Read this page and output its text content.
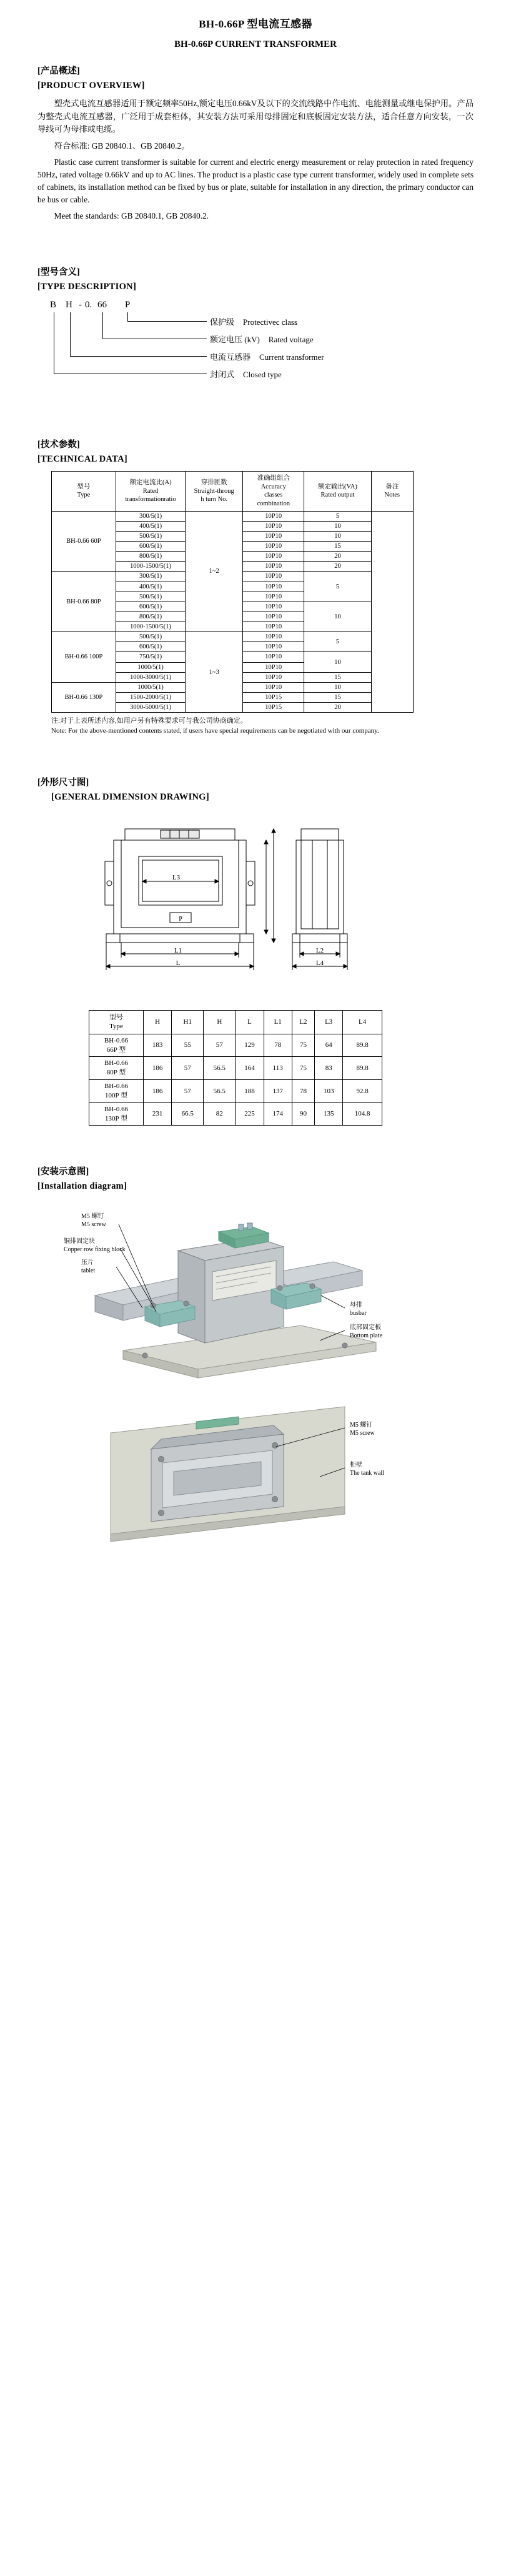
BH-0.66P 型电流互感器
BH-0.66P CURRENT TRANSFORMER
[产品概述]
[PRODUCT OVERVIEW]

塑壳式电流互感器适用于额定频率50Hz,额定电压0.66kV及以下的交流线路中作电流、电能测量或继电保护用。产品为整壳式电流互感器，广泛用于成套柜体，其安装方法可采用母排固定和底板固定安装方法，适合任意方向安装，一次导线可为母排或电缆。

符合标准: GB 20840.1、GB 20840.2。

Plastic case current transformer is suitable for current and electric energy measurement or relay protection in rated frequency 50Hz, rated voltage 0.66kV and up to AC lines. The product is a plastic case type current transformer, widely used in complete sets of cabinets, its installation method can be fixed by bus or plate, suitable for installation in any direction, the primary conductor can be bus or cable.

Meet the standards: GB 20840.1, GB 20840.2.

[型号含义]
[TYPE DESCRIPTION]
B H - 0. 66 P
保护级 Protectivec class
额定电压 (kV) Rated voltage
电流互感器 Current transformer
封闭式 Closed type
[技术参数]
[TECHNICAL DATA]
型号
Type

额定电流比(A)
Rated
transformationratio

穿排匝数
Straight-throug
h turn No.

准确组组合
Accuracy
classes
combination

额定输出(VA)
Rated output

备注
Notes

BH-0.66 60P	300/5(1)	1~2	10P10	5	
	400/5(1)		10P10	10	
	500/5(1)		10P10	10	
	600/5(1)		10P10	15	
	800/5(1)		10P10	20	
	1000-1500/5(1)		10P10	20	
BH-0.66 80P	300/5(1)		10P10	5	
	400/5(1)		10P10		
	500/5(1)		10P10		
	600/5(1)		10P10	10	
	800/5(1)		10P10		
	1000-1500/5(1)		10P10		
BH-0.66 100P	500/5(1)	1~3	10P10	5	
	600/5(1)		10P10		
	750/5(1)		10P10	10	
	1000/5(1)		10P10		
	1000-3000/5(1)		10P10	15	
BH-0.66 130P	1000/5(1)		10P10	10	
	1500-2000/5(1)		10P15	15	
	3000-5000/5(1)		10P15	20	
注:对于上表所述内容,如用户另有特殊要求可与我公司协商确定。
Note: For the above-mentioned contents stated, if users have special requirements can be negotiated with our company.
[外形尺寸图]
[GENERAL DIMENSION DRAWING]
L3
L1
L
P
L2
L4
型号
Type	H	H1	H	L	L1	L2	L3	L4

BH-0.66
66P 型	183	55	57	129	78	75	64	89.8

BH-0.66
80P 型	186	57	56.5	164	113	75	83	89.8

BH-0.66
100P 型	186	57	56.5	188	137	78	103	92.8

BH-0.66
130P 型	231	66.5	82	225	174	90	135	104.8
[安装示意图]
[Installation diagram]
M5 螺钉
M5 screw
铜排固定块
Copper row fixing block
压片
tablet
母排
busbar
底部固定板
Bottom plate
M5 螺钉
M5 screw
柜壁
The tank wall
